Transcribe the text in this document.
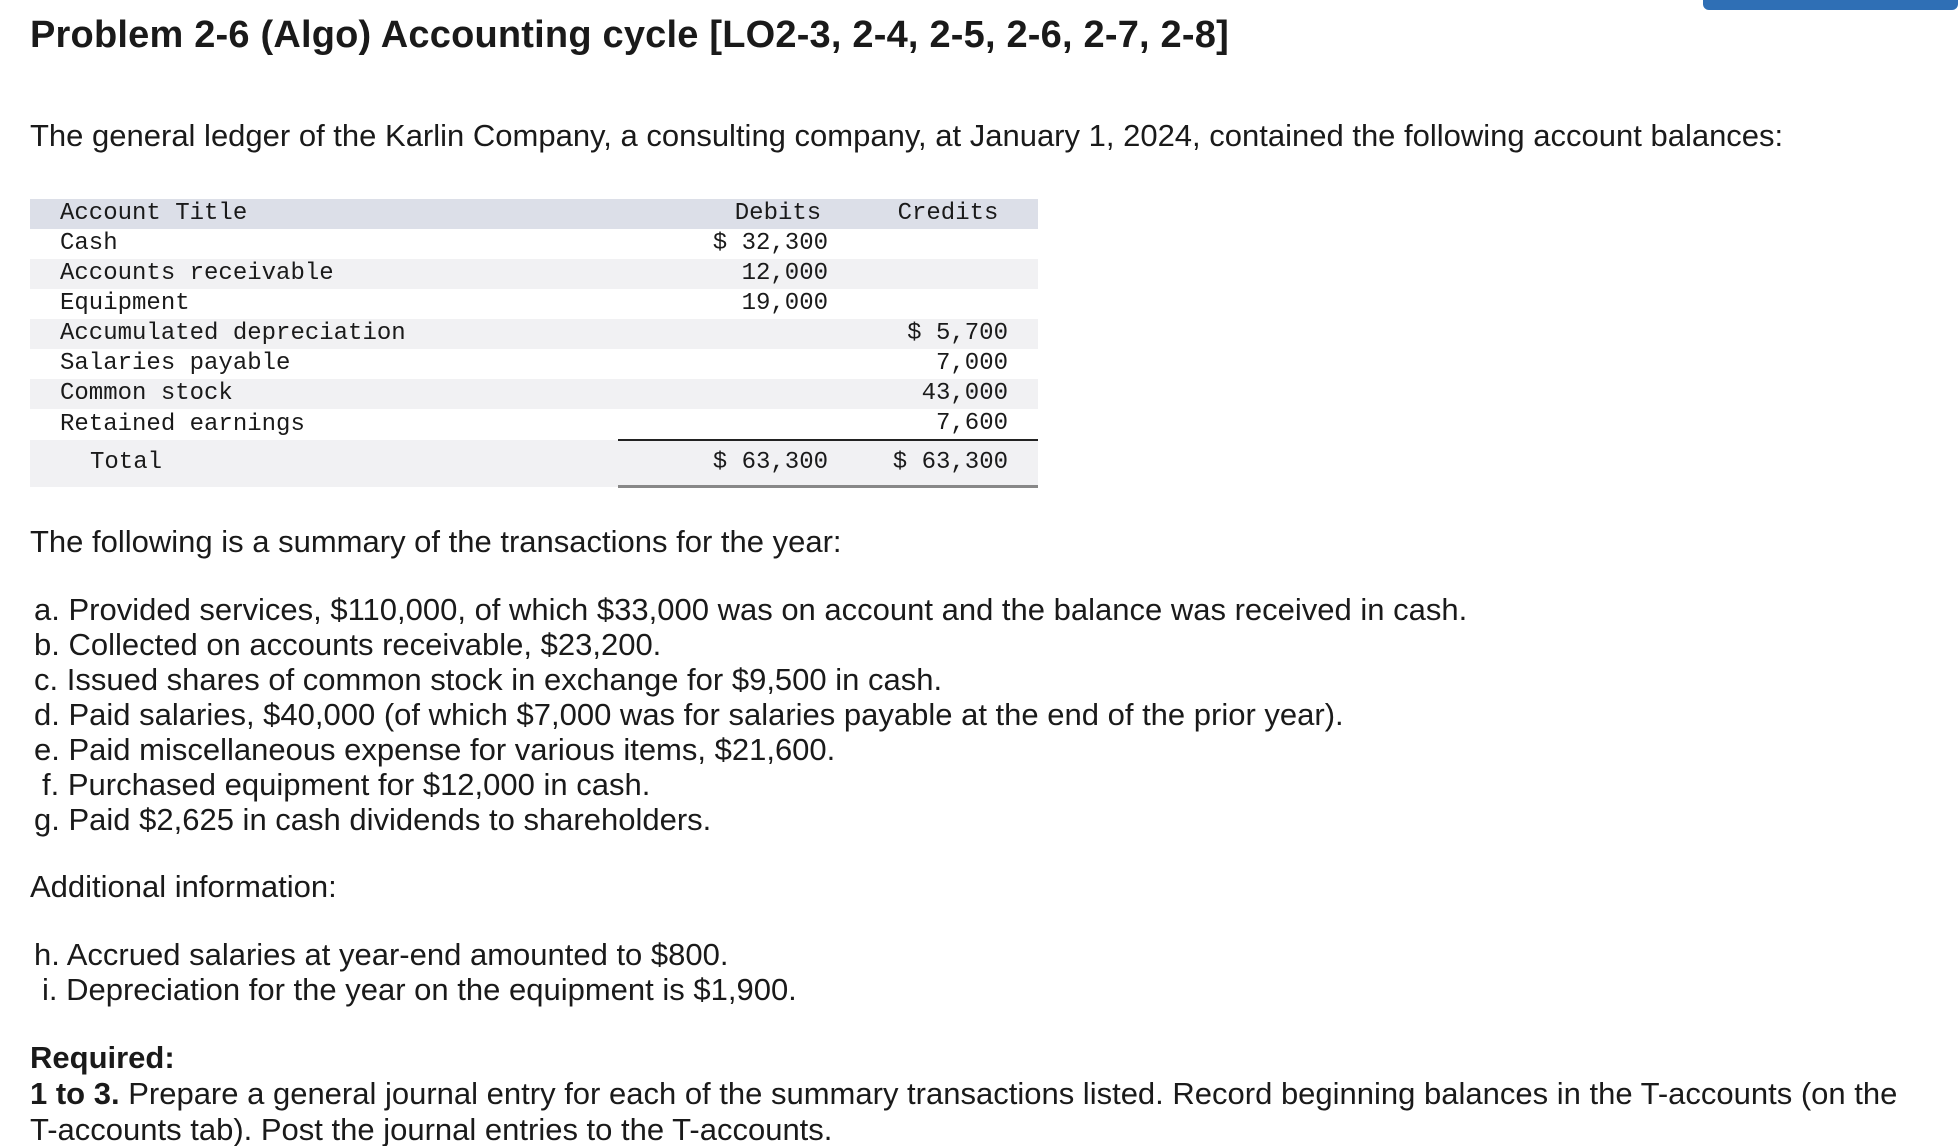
Problem 2-6 (Algo) Accounting cycle [LO2-3, 2-4, 2-5, 2-6, 2-7, 2-8]

The general ledger of the Karlin Company, a consulting company, at January 1, 2024, contained the following account balances:

Account Title	Debits	Credits
Cash	$ 32,300	
Accounts receivable	12,000	
Equipment	19,000	
Accumulated depreciation		$ 5,700
Salaries payable		7,000
Common stock		43,000
Retained earnings		7,600
Total	$ 63,300	$ 63,300

The following is a summary of the transactions for the year:

a. Provided services, $110,000, of which $33,000 was on account and the balance was received in cash.
b. Collected on accounts receivable, $23,200.
c. Issued shares of common stock in exchange for $9,500 in cash.
d. Paid salaries, $40,000 (of which $7,000 was for salaries payable at the end of the prior year).
e. Paid miscellaneous expense for various items, $21,600.
f. Purchased equipment for $12,000 in cash.
g. Paid $2,625 in cash dividends to shareholders.

Additional information:

h. Accrued salaries at year-end amounted to $800.
i. Depreciation for the year on the equipment is $1,900.

Required:

1 to 3. Prepare a general journal entry for each of the summary transactions listed. Record beginning balances in the T-accounts (on the T-accounts tab). Post the journal entries to the T-accounts.
